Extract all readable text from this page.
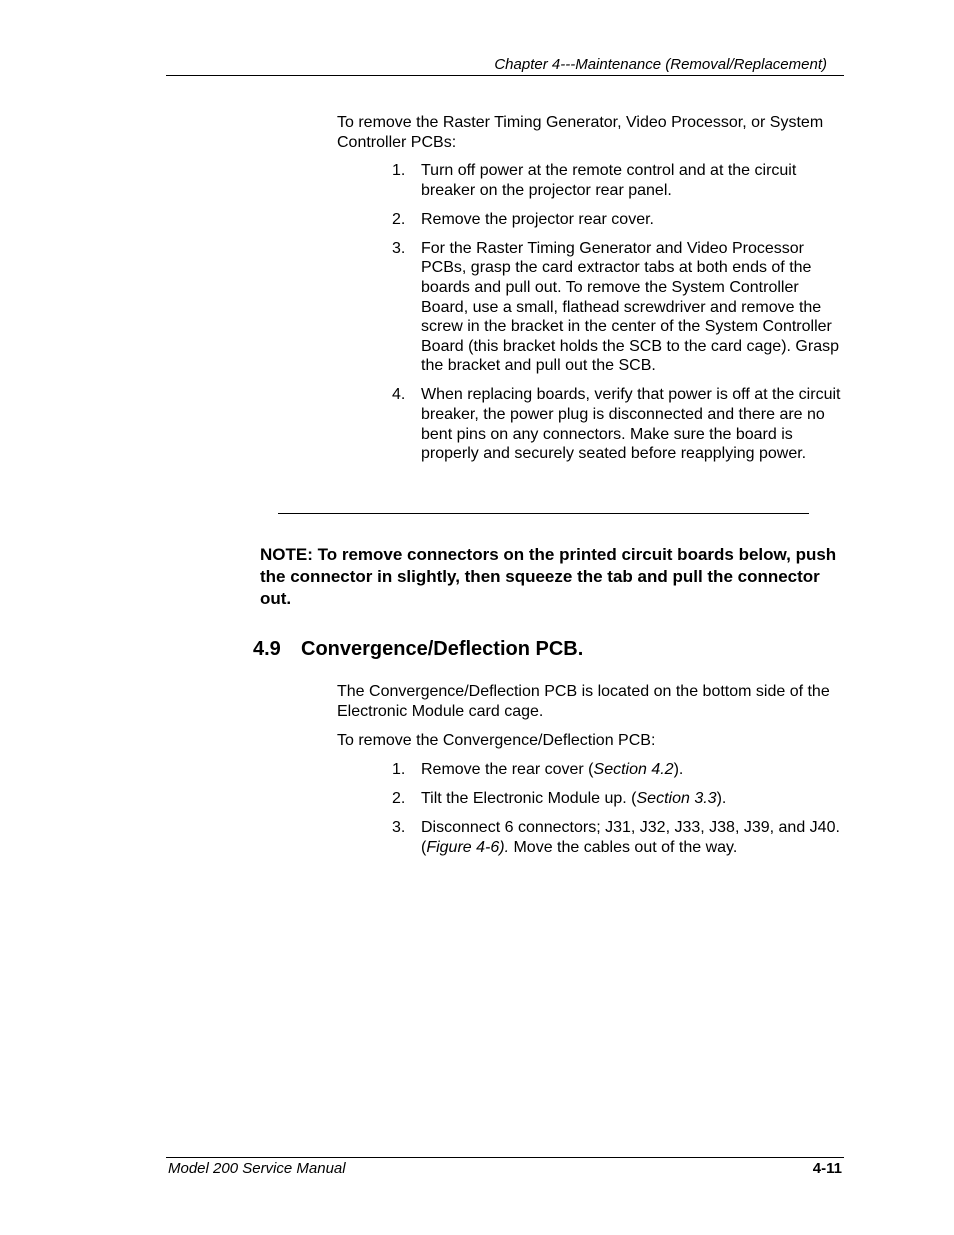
Chapter 4---Maintenance (Removal/Replacement)
To remove the Raster Timing Generator, Video Processor, or System Controller PCBs:
1. Turn off power at the remote control and at the circuit breaker on the projector rear panel.
2. Remove the projector rear cover.
3. For the Raster Timing Generator and Video Processor PCBs, grasp the card extractor tabs at both ends of the boards and pull out. To remove the System Controller Board, use a small, flathead screwdriver and remove the screw in the bracket in the center of the System Controller Board (this bracket holds the SCB to the card cage). Grasp the bracket and pull out the SCB.
4. When replacing boards, verify that power is off at the circuit breaker, the power plug is disconnected and there are no bent pins on any connectors. Make sure the board is properly and securely seated before reapplying power.
NOTE: To remove connectors on the printed circuit boards below, push the connector in slightly, then squeeze the tab and pull the connector out.
4.9 Convergence/Deflection PCB.
The Convergence/Deflection PCB is located on the bottom side of the Electronic Module card cage.
To remove the Convergence/Deflection PCB:
1. Remove the rear cover (Section 4.2).
2. Tilt the Electronic Module up. (Section 3.3).
3. Disconnect 6 connectors; J31, J32, J33, J38, J39, and J40. (Figure 4-6). Move the cables out of the way.
Model 200 Service Manual	4-11
